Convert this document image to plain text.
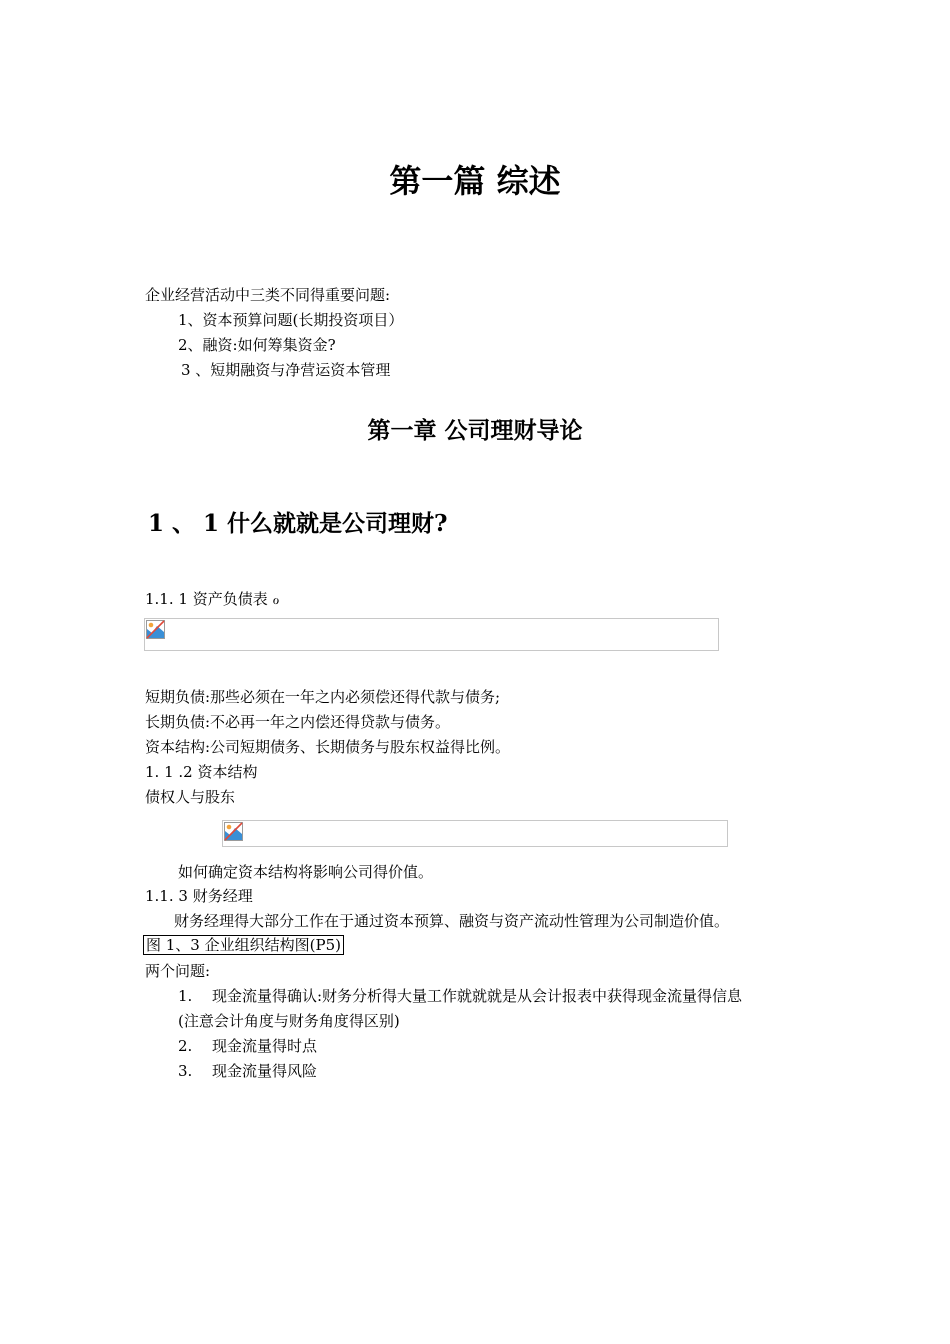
第一篇 综述
企业经营活动中三类不同得重要问题:
1、资本预算问题(长期投资项目）
2、融资:如何筹集资金?
3 、短期融资与净营运资本管理
第一章 公司理财导论
1 、 1 什么就就是公司理财?
1.1. 1 资产负债表 ℴ
短期负债:那些必须在一年之内必须偿还得代款与债务;
长期负债:不必再一年之内偿还得贷款与债务。
资本结构:公司短期债务、长期债务与股东权益得比例。
1. 1 .2 资本结构
债权人与股东
如何确定资本结构将影响公司得价值。
1.1. 3 财务经理
财务经理得大部分工作在于通过资本预算、融资与资产流动性管理为公司制造价值。
图 1、3 企业组织结构图(P5)
两个问题:
1. 现金流量得确认:财务分析得大量工作就就就是从会计报表中获得现金流量得信息
(注意会计角度与财务角度得区别)
2. 现金流量得时点
3. 现金流量得风险
